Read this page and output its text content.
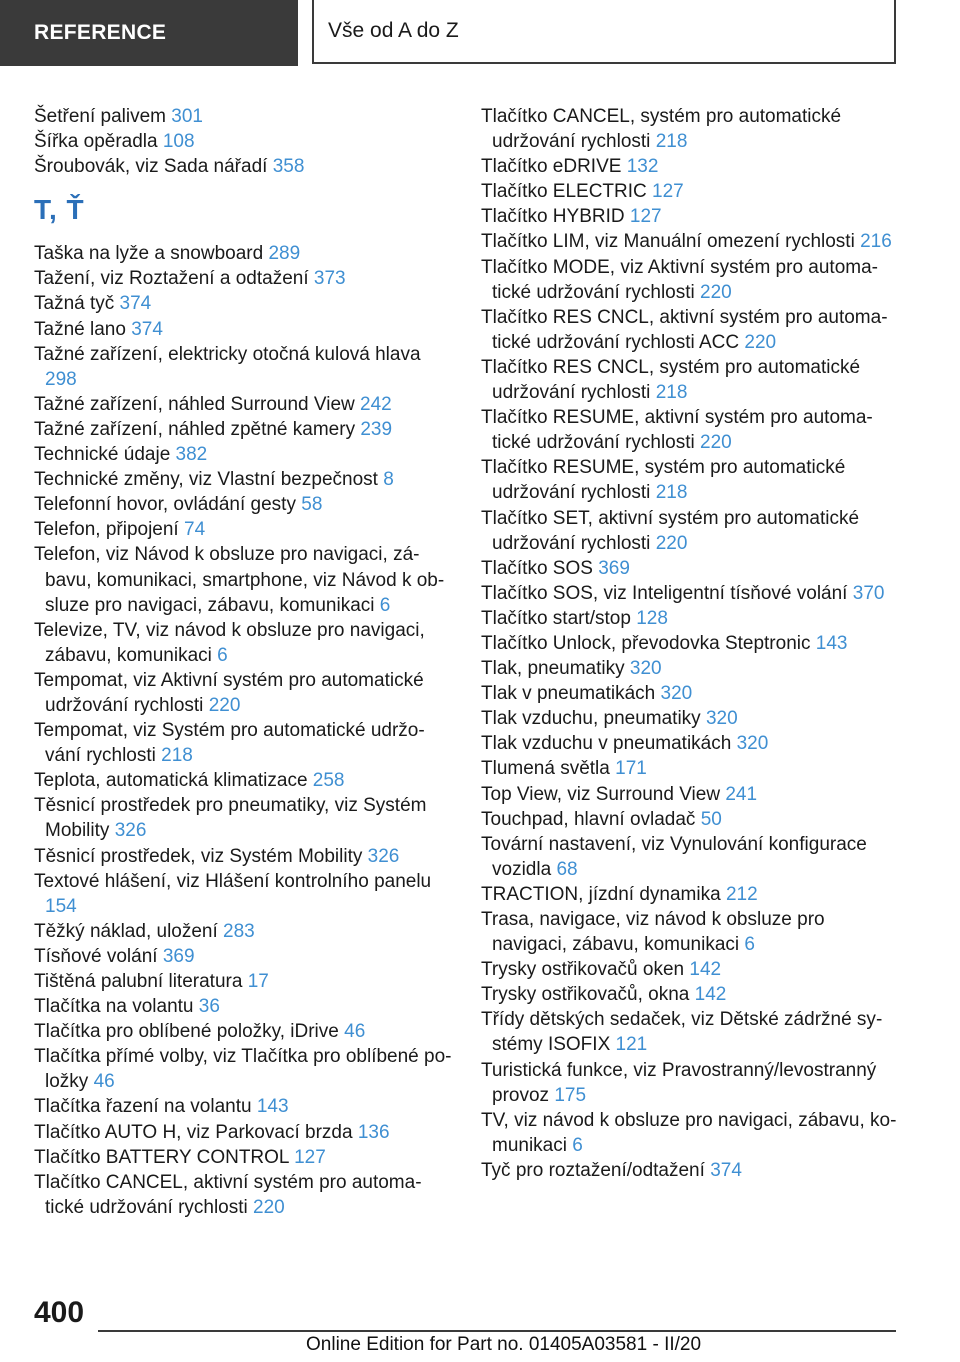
REFERENCE	Vše od A do Z
Šetření palivem 301
Šířka opěradla 108
Šroubovák, viz Sada nářadí 358
T, Ť
Taška na lyže a snowboard 289
Tažení, viz Roztažení a odtažení 373
Tažná tyč 374
Tažné lano 374
Tažné zařízení, elektricky otočná kulová hlava 298
Tažné zařízení, náhled Surround View 242
Tažné zařízení, náhled zpětné kamery 239
Technické údaje 382
Technické změny, viz Vlastní bezpečnost 8
Telefonní hovor, ovládání gesty 58
Telefon, připojení 74
Telefon, viz Návod k obsluze pro navigaci, zábavu, komunikaci, smartphone, viz Návod k obsluze pro navigaci, zábavu, komunikaci 6
Televize, TV, viz návod k obsluze pro navigaci, zábavu, komunikaci 6
Tempomat, viz Aktivní systém pro automatické udržování rychlosti 220
Tempomat, viz Systém pro automatické udržování rychlosti 218
Teplota, automatická klimatizace 258
Těsnicí prostředek pro pneumatiky, viz Systém Mobility 326
Těsnicí prostředek, viz Systém Mobility 326
Textové hlášení, viz Hlášení kontrolního panelu 154
Těžký náklad, uložení 283
Tísňové volání 369
Tištěná palubní literatura 17
Tlačítka na volantu 36
Tlačítka pro oblíbené položky, iDrive 46
Tlačítka přímé volby, viz Tlačítka pro oblíbené položky 46
Tlačítka řazení na volantu 143
Tlačítko AUTO H, viz Parkovací brzda 136
Tlačítko BATTERY CONTROL 127
Tlačítko CANCEL, aktivní systém pro automatické udržování rychlosti 220
Tlačítko CANCEL, systém pro automatické udržování rychlosti 218
Tlačítko eDRIVE 132
Tlačítko ELECTRIC 127
Tlačítko HYBRID 127
Tlačítko LIM, viz Manuální omezení rychlosti 216
Tlačítko MODE, viz Aktivní systém pro automatické udržování rychlosti 220
Tlačítko RES CNCL, aktivní systém pro automatické udržování rychlosti ACC 220
Tlačítko RES CNCL, systém pro automatické udržování rychlosti 218
Tlačítko RESUME, aktivní systém pro automatické udržování rychlosti 220
Tlačítko RESUME, systém pro automatické udržování rychlosti 218
Tlačítko SET, aktivní systém pro automatické udržování rychlosti 220
Tlačítko SOS 369
Tlačítko SOS, viz Inteligentní tísňové volání 370
Tlačítko start/stop 128
Tlačítko Unlock, převodovka Steptronic 143
Tlak, pneumatiky 320
Tlak v pneumatikách 320
Tlak vzduchu, pneumatiky 320
Tlak vzduchu v pneumatikách 320
Tlumená světla 171
Top View, viz Surround View 241
Touchpad, hlavní ovladač 50
Tovární nastavení, viz Vynulování konfigurace vozidla 68
TRACTION, jízdní dynamika 212
Trasa, navigace, viz návod k obsluze pro navigaci, zábavu, komunikaci 6
Trysky ostřikovačů oken 142
Trysky ostřikovačů, okna 142
Třídy dětských sedaček, viz Dětské zádržné systémy ISOFIX 121
Turistická funkce, viz Pravostranný/levostranný provoz 175
TV, viz návod k obsluze pro navigaci, zábavu, komunikaci 6
Tyč pro roztažení/odtažení 374
400
Online Edition for Part no. 01405A03581 - II/20
